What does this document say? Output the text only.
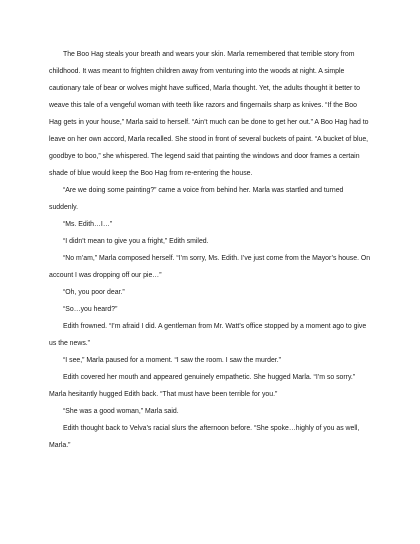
The Boo Hag steals your breath and wears your skin. Marla remembered that terrible story from childhood. It was meant to frighten children away from venturing into the woods at night. A simple cautionary tale of bear or wolves might have sufficed, Marla thought. Yet, the adults thought it better to weave this tale of a vengeful woman with teeth like razors and fingernails sharp as knives. “If the Boo Hag gets in your house,” Marla said to herself. “Ain’t much can be done to get her out.” A Boo Hag had to leave on her own accord, Marla recalled. She stood in front of several buckets of paint. “A bucket of blue, goodbye to boo,” she whispered. The legend said that painting the windows and door frames a certain shade of blue would keep the Boo Hag from re-entering the house.

“Are we doing some painting?” came a voice from behind her. Marla was startled and turned suddenly.

“Ms. Edith…I…”

“I didn’t mean to give you a fright,” Edith smiled.

“No m’am,” Marla composed herself. “I’m sorry, Ms. Edith. I’ve just come from the Mayor’s house. On account I was dropping off our pie…”

“Oh, you poor dear.”

“So…you heard?”

Edith frowned. “I’m afraid I did. A gentleman from Mr. Watt’s office stopped by a moment ago to give us the news.”

“I see,” Marla paused for a moment. “I saw the room. I saw the murder.”

Edith covered her mouth and appeared genuinely empathetic. She hugged Marla. “I’m so sorry.” Marla hesitantly hugged Edith back. “That must have been terrible for you.”

“She was a good woman,” Marla said.

Edith thought back to Velva’s racial slurs the afternoon before. “She spoke…highly of you as well, Marla.”
